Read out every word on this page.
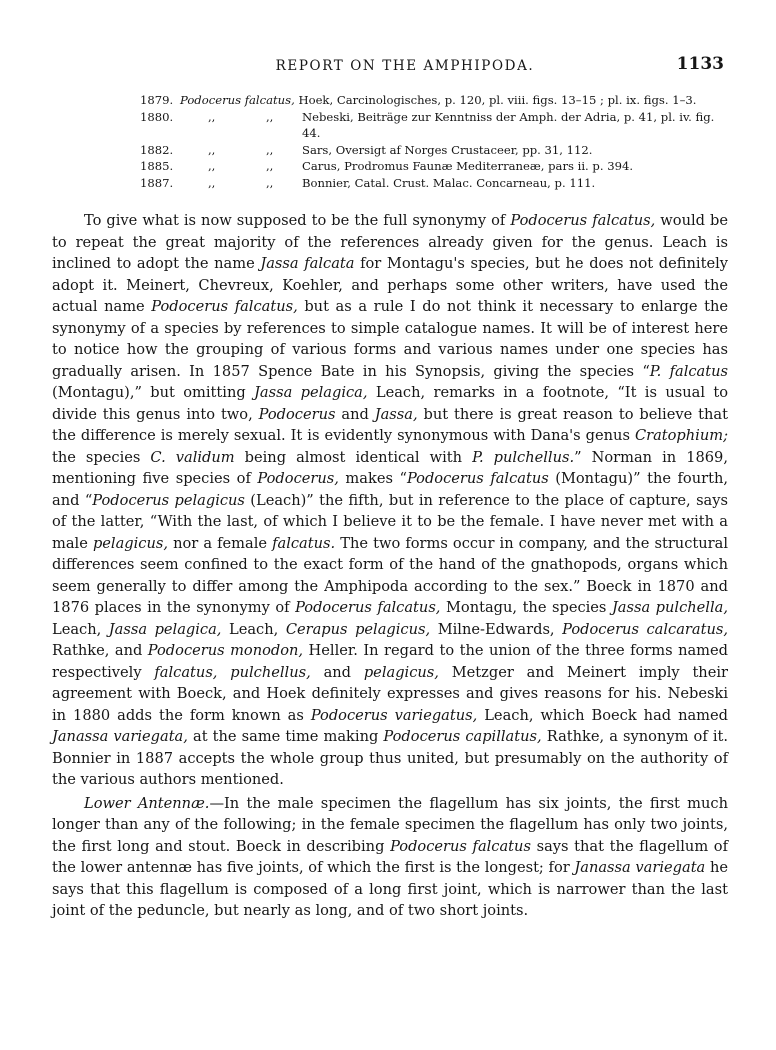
REPORT ON THE AMPHIPODA.	1133
1879. Podocerus falcatus, Hoek, Carcinologisches, p. 120, pl. viii. figs. 13–15 ; pl. ix. figs. 1–3.
1880.	,,	,, Nebeski, Beiträge zur Kenntniss der Amph. der Adria, p. 41, pl. iv. fig. 44.
1882.	,,	,, Sars, Oversigt af Norges Crustaceer, pp. 31, 112.
1885.	,,	,, Carus, Prodromus Faunæ Mediterraneæ, pars ii. p. 394.
1887.	,,	,, Bonnier, Catal. Crust. Malac. Concarneau, p. 111.

To give what is now supposed to be the full synonymy of Podocerus falcatus, would be to repeat the great majority of the references already given for the genus. Leach is inclined to adopt the name Jassa falcata for Montagu's species, but he does not definitely adopt it. Meinert, Chevreux, Koehler, and perhaps some other writers, have used the actual name Podocerus falcatus, but as a rule I do not think it necessary to enlarge the synonymy of a species by references to simple catalogue names. It will be of interest here to notice how the grouping of various forms and various names under one species has gradually arisen. In 1857 Spence Bate in his Synopsis, giving the species “P. falcatus (Montagu),” but omitting Jassa pelagica, Leach, remarks in a footnote, “It is usual to divide this genus into two, Podocerus and Jassa, but there is great reason to believe that the difference is merely sexual. It is evidently synonymous with Dana's genus Cratophium; the species C. validum being almost identical with P. pulchellus.” Norman in 1869, mentioning five species of Podocerus, makes “Podocerus falcatus (Montagu)” the fourth, and “Podocerus pelagicus (Leach)” the fifth, but in reference to the place of capture, says of the latter, “With the last, of which I believe it to be the female. I have never met with a male pelagicus, nor a female falcatus. The two forms occur in company, and the structural differences seem confined to the exact form of the hand of the gnathopods, organs which seem generally to differ among the Amphipoda according to the sex.” Boeck in 1870 and 1876 places in the synonymy of Podocerus falcatus, Montagu, the species Jassa pulchella, Leach, Jassa pelagica, Leach, Cerapus pelagicus, Milne-Edwards, Podocerus calcaratus, Rathke, and Podocerus monodon, Heller. In regard to the union of the three forms named respectively falcatus, pulchellus, and pelagicus, Metzger and Meinert imply their agreement with Boeck, and Hoek definitely expresses and gives reasons for his. Nebeski in 1880 adds the form known as Podocerus variegatus, Leach, which Boeck had named Janassa variegata, at the same time making Podocerus capillatus, Rathke, a synonym of it. Bonnier in 1887 accepts the whole group thus united, but presumably on the authority of the various authors mentioned.

Lower Antennæ.—In the male specimen the flagellum has six joints, the first much longer than any of the following; in the female specimen the flagellum has only two joints, the first long and stout. Boeck in describing Podocerus falcatus says that the flagellum of the lower antennæ has five joints, of which the first is the longest; for Janassa variegata he says that this flagellum is composed of a long first joint, which is narrower than the last joint of the peduncle, but nearly as long, and of two short joints.
